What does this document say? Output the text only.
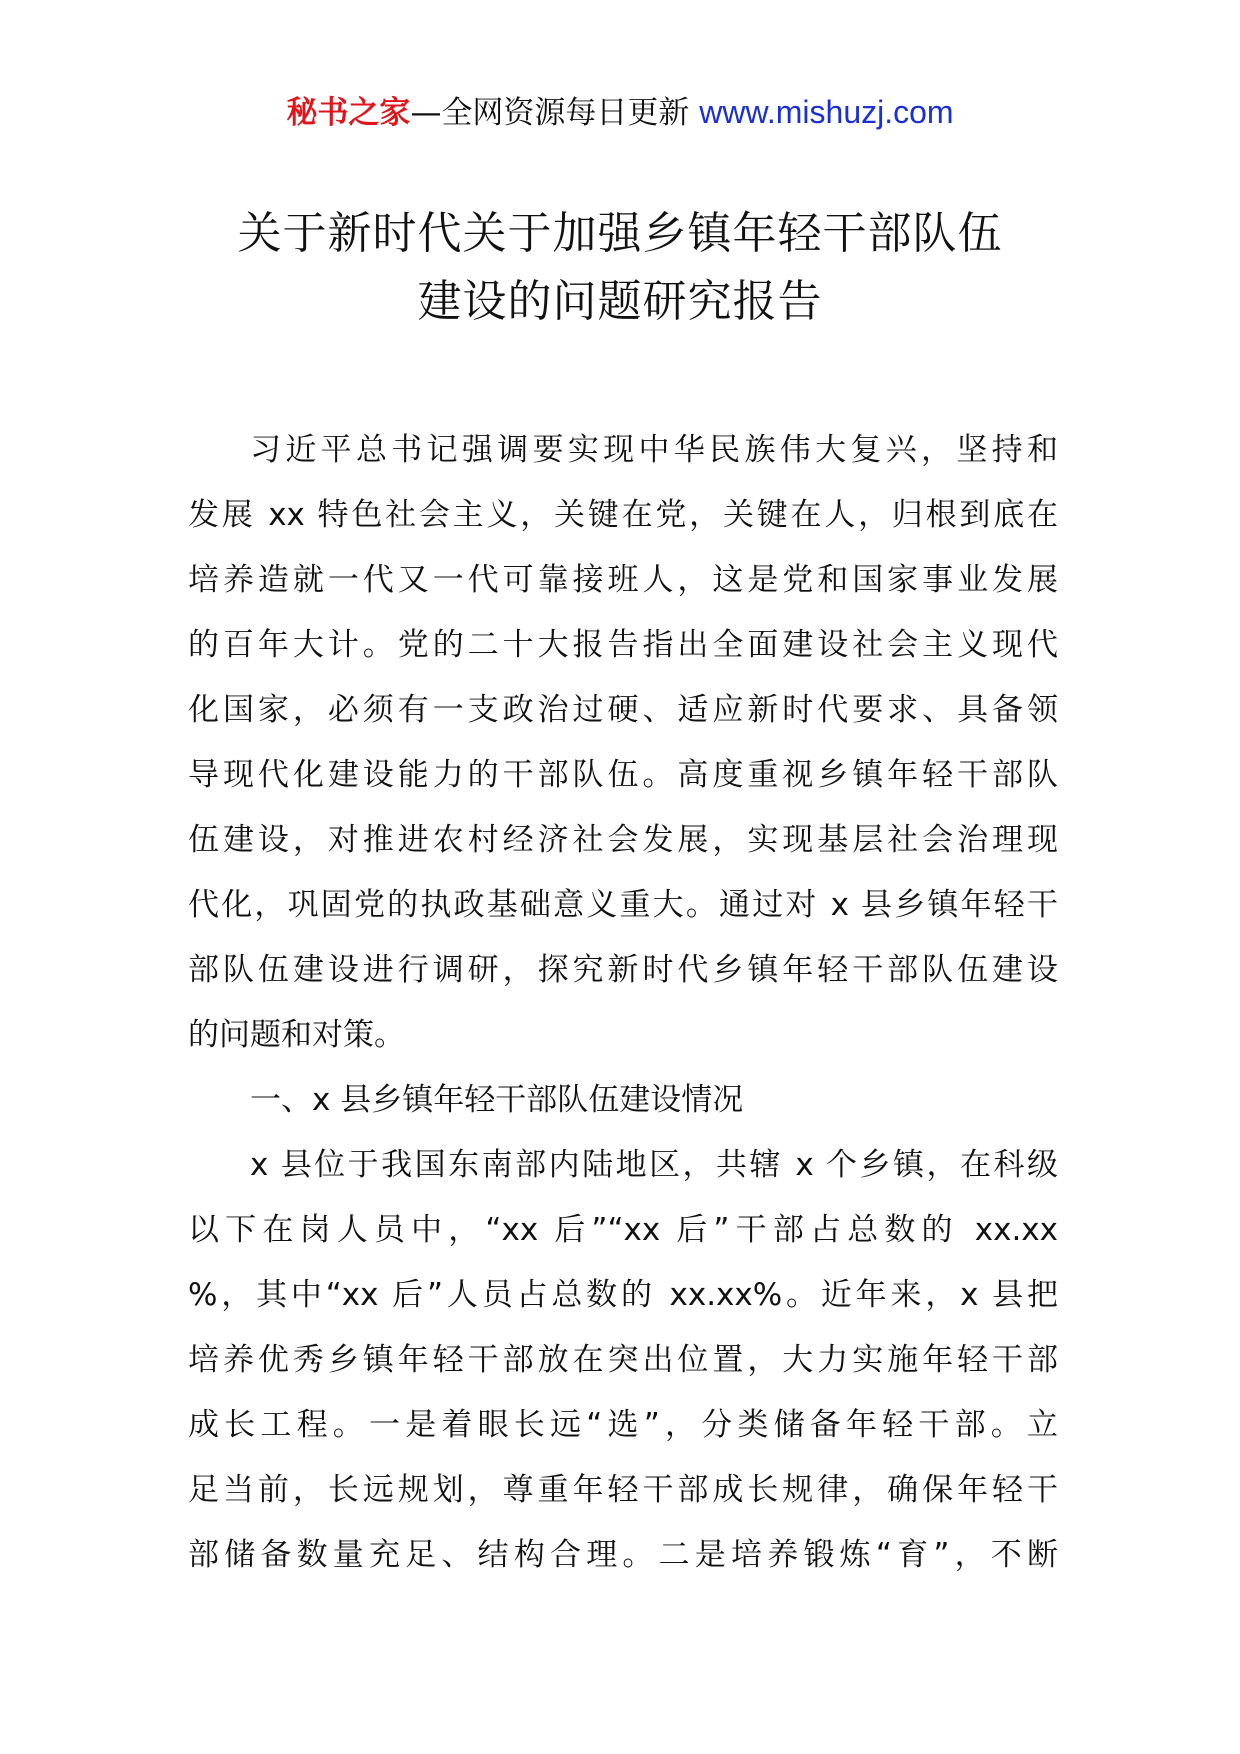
秘书之家—全网资源每日更新 www.mishuzj.com
关于新时代关于加强乡镇年轻干部队伍
建设的问题研究报告
习近平总书记强调要实现中华民族伟大复兴，坚持和
发展 xx 特色社会主义，关键在党，关键在人，归根到底在
培养造就一代又一代可靠接班人，这是党和国家事业发展
的百年大计。党的二十大报告指出全面建设社会主义现代
化国家，必须有一支政治过硬、适应新时代要求、具备领
导现代化建设能力的干部队伍。高度重视乡镇年轻干部队
伍建设，对推进农村经济社会发展，实现基层社会治理现
代化，巩固党的执政基础意义重大。通过对 x 县乡镇年轻干
部队伍建设进行调研，探究新时代乡镇年轻干部队伍建设
的问题和对策。
一、x 县乡镇年轻干部队伍建设情况
x 县位于我国东南部内陆地区，共辖 x 个乡镇，在科级
以下在岗人员中，“xx 后”“xx 后”干部占总数的 xx.xx
%，其中“xx 后”人员占总数的 xx.xx%。近年来，x 县把
培养优秀乡镇年轻干部放在突出位置，大力实施年轻干部
成长工程。一是着眼长远“选”，分类储备年轻干部。立
足当前，长远规划，尊重年轻干部成长规律，确保年轻干
部储备数量充足、结构合理。二是培养锻炼“育”，不断
